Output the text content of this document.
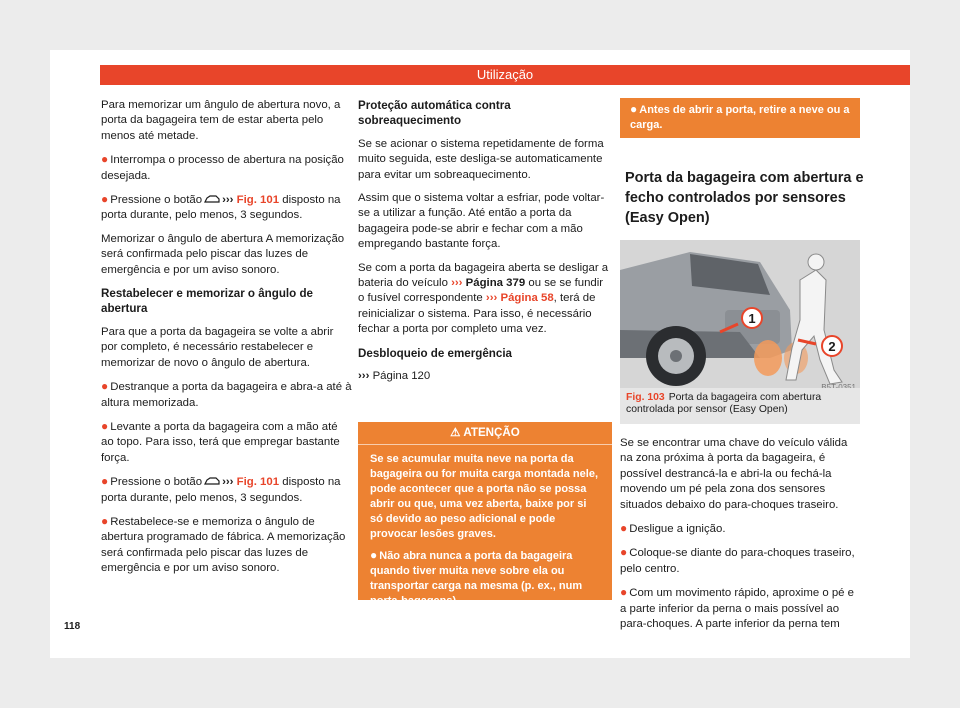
Utilização

Para memorizar um ângulo de abertura novo, a porta da bagageira tem de estar aberta pelo menos até metade.

● Interrompa o processo de abertura na posição desejada.

● Pressione o botão ››› Fig. 101 disposto na porta durante, pelo menos, 3 segundos.

Memorizar o ângulo de abertura A memorização será confirmada pelo piscar das luzes de emergência e por um aviso sonoro.

Restabelecer e memorizar o ângulo de abertura

Para que a porta da bagageira se volte a abrir por completo, é necessário restabelecer e memorizar de novo o ângulo de abertura.

● Destranque a porta da bagageira e abra-a até à altura memorizada.

● Levante a porta da bagageira com a mão até ao topo. Para isso, terá que empregar bastante força.

● Pressione o botão ››› Fig. 101 disposto na porta durante, pelo menos, 3 segundos.

● Restabelece-se e memoriza o ângulo de abertura programado de fábrica. A memorização será confirmada pelo piscar das luzes de emergência e por um aviso sonoro.

Proteção automática contra sobreaquecimento

Se se acionar o sistema repetidamente de forma muito seguida, este desliga-se automaticamente para evitar um sobreaquecimento.

Assim que o sistema voltar a esfriar, pode voltar-se a utilizar a função. Até então a porta da bagageira pode-se abrir e fechar com a mão empregando bastante força.

Se com a porta da bagageira aberta se desligar a bateria do veículo ››› Página 379 ou se se fundir o fusível correspondente ››› Página 58, terá de reinicializar o sistema. Para isso, é necessário fechar a porta por completo uma vez.

Desbloqueio de emergência

››› Página 120

⚠ ATENÇÃO

Se se acumular muita neve na porta da bagageira ou for muita carga montada nele, pode acontecer que a porta não se possa abrir ou que, uma vez aberta, baixe por si só devido ao peso adicional e pode provocar lesões graves.

● Não abra nunca a porta da bagageira quando tiver muita neve sobre ela ou transportar carga na mesma (p. ex., num porta-bagagens).

● Antes de abrir a porta, retire a neve ou a carga.
Porta da bagageira com abertura e fecho controlados por sensores (Easy Open)
1
2
Fig. 103 Porta da bagageira com abertura controlada por sensor (Easy Open)

Se se encontrar uma chave do veículo válida na zona próxima à porta da bagageira, é possível destrancá-la e abri-la ou fechá-la movendo um pé pela zona dos sensores situados debaixo do para-choques traseiro.

● Desligue a ignição.

● Coloque-se diante do para-choques traseiro, pelo centro.

● Com um movimento rápido, aproxime o pé e a parte inferior da perna o mais possível ao para-choques. A parte inferior da perna tem

118
